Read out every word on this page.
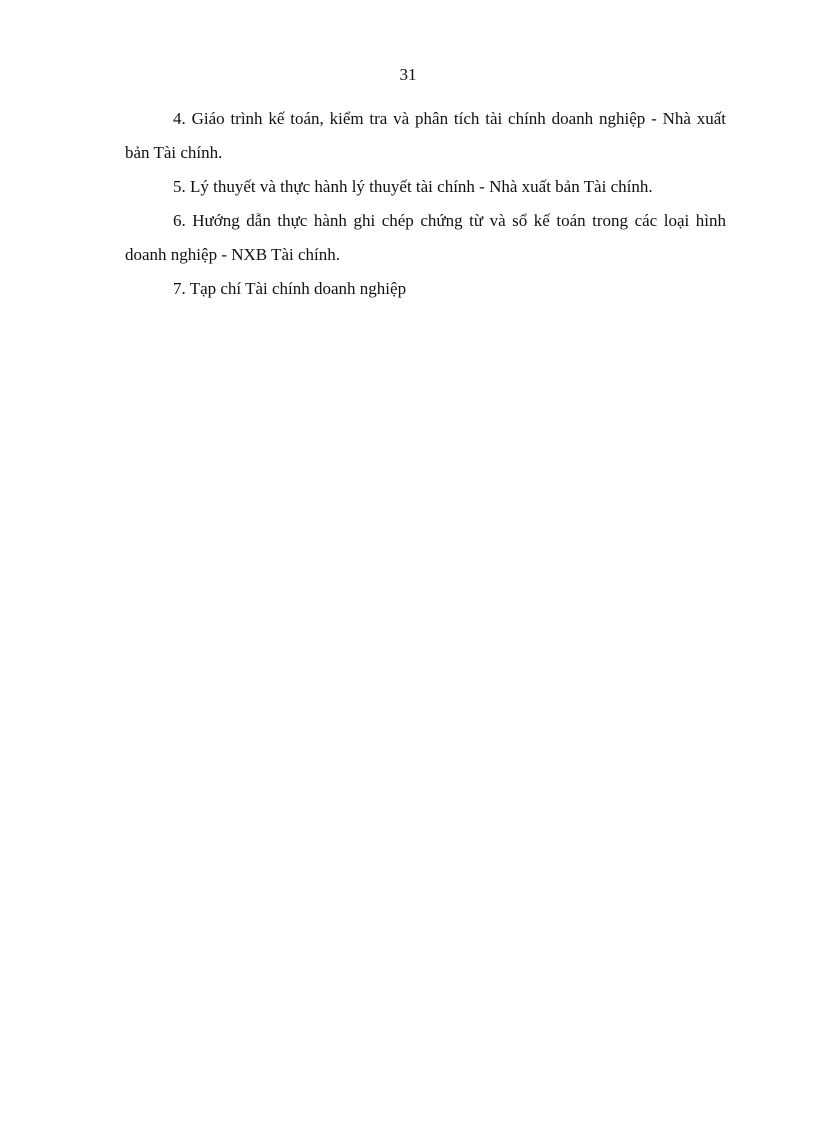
31

4. Giáo trình kế toán, kiểm tra và phân tích tài chính doanh nghiệp - Nhà xuất bản Tài chính.

5. Lý thuyết và thực hành lý thuyết tài chính - Nhà xuất bản Tài chính.

6. Hướng dẫn thực hành ghi chép chứng từ và sổ kế toán trong các loại hình doanh nghiệp - NXB Tài chính.

7. Tạp chí Tài chính doanh nghiệp
